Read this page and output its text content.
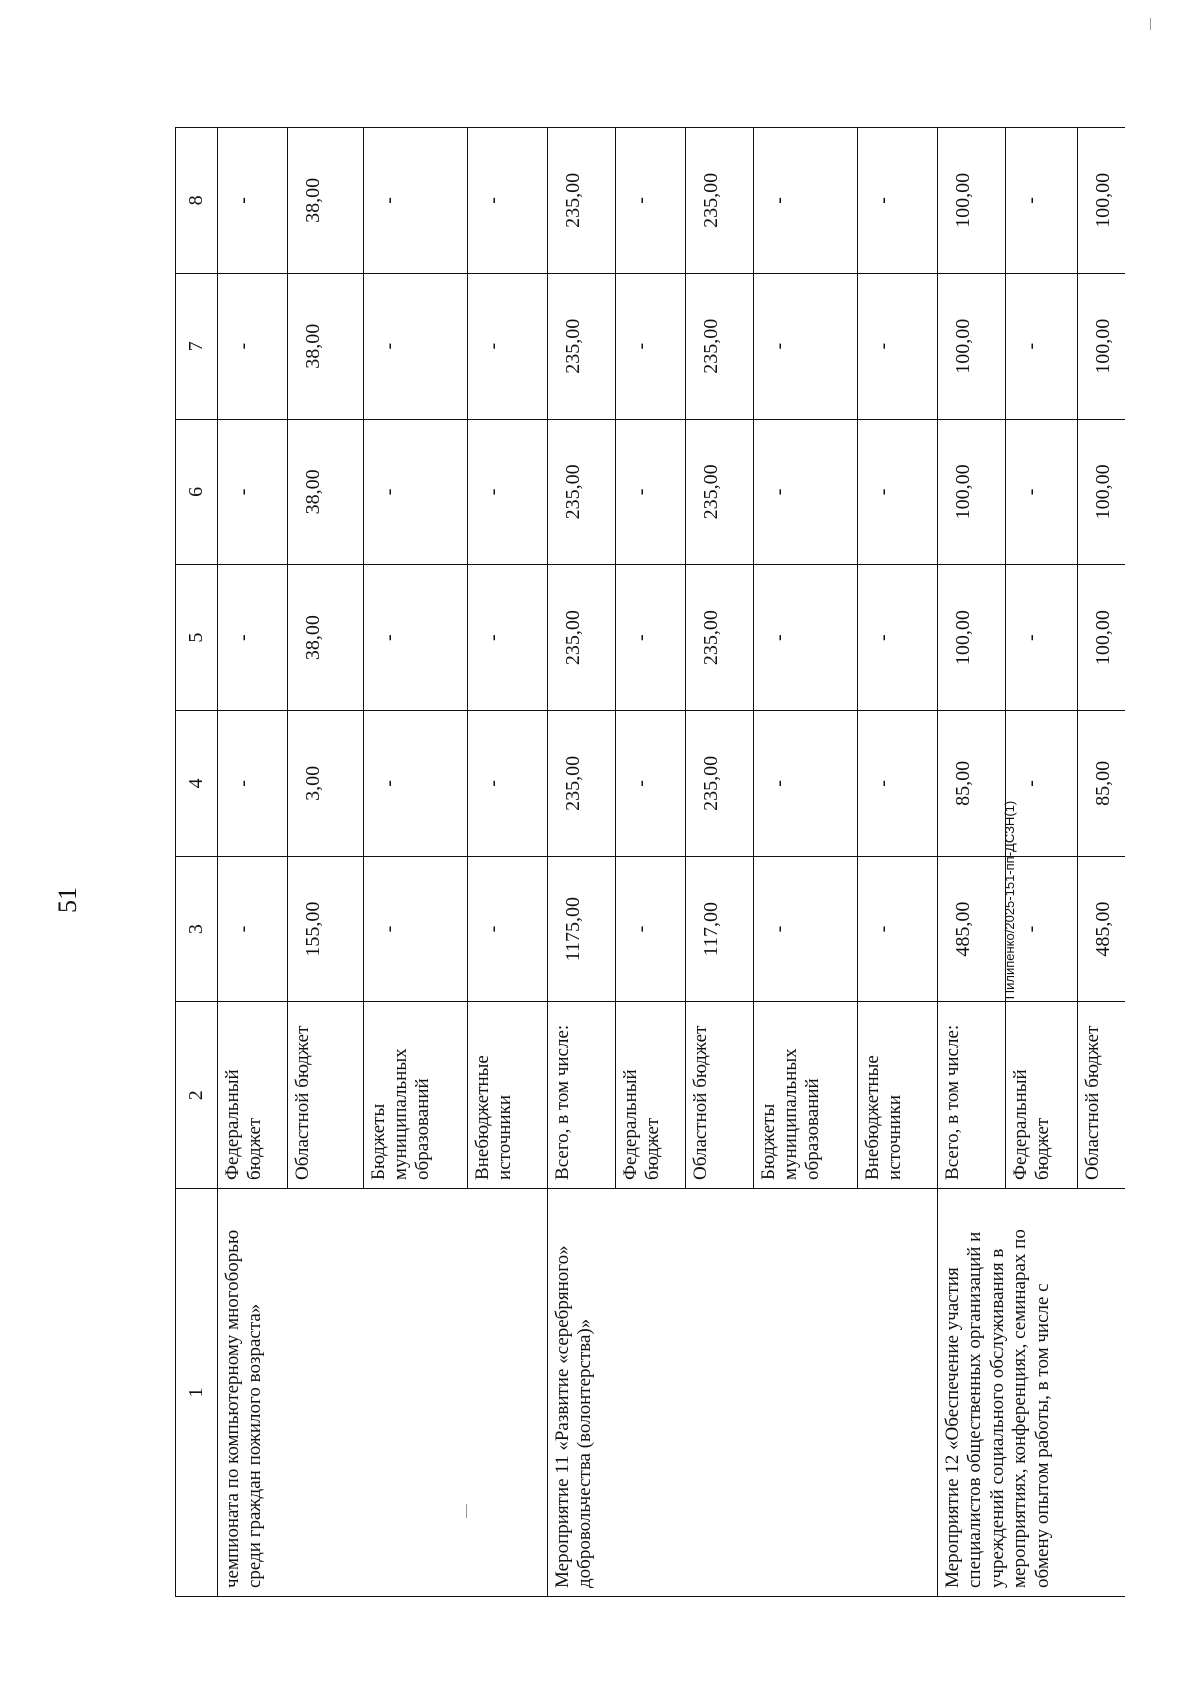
51	Пилипенко/2025-151-пп-ДСЗН(1)
1	2	3	4	5	6	7	8
чемпионата по компьютерному многоборью среди граждан пожилого возраста»	Федеральный бюджет	-	-	-	-	-	-
	Областной бюджет	155,00	3,00	38,00	38,00	38,00	38,00
	Бюджеты муниципальных образований	-	-	-	-	-	-
	Внебюджетные источники	-	-	-	-	-	-
Мероприятие 11 «Развитие «серебряного» добровольчества (волонтерства)»	Всего, в том числе:	1175,00	235,00	235,00	235,00	235,00	235,00
	Федеральный бюджет	-	-	-	-	-	-
	Областной бюджет	117,00	235,00	235,00	235,00	235,00	235,00
	Бюджеты муниципальных образований	-	-	-	-	-	-
	Внебюджетные источники	-	-	-	-	-	-
Мероприятие 12 «Обеспечение участия специалистов общественных организаций и учреждений социального обслуживания в мероприятиях, конференциях, семинарах по обмену опытом работы, в том числе с	Всего, в том числе:	485,00	85,00	100,00	100,00	100,00	100,00
	Федеральный бюджет	-	-	-	-	-	-
	Областной бюджет	485,00	85,00	100,00	100,00	100,00	100,00
